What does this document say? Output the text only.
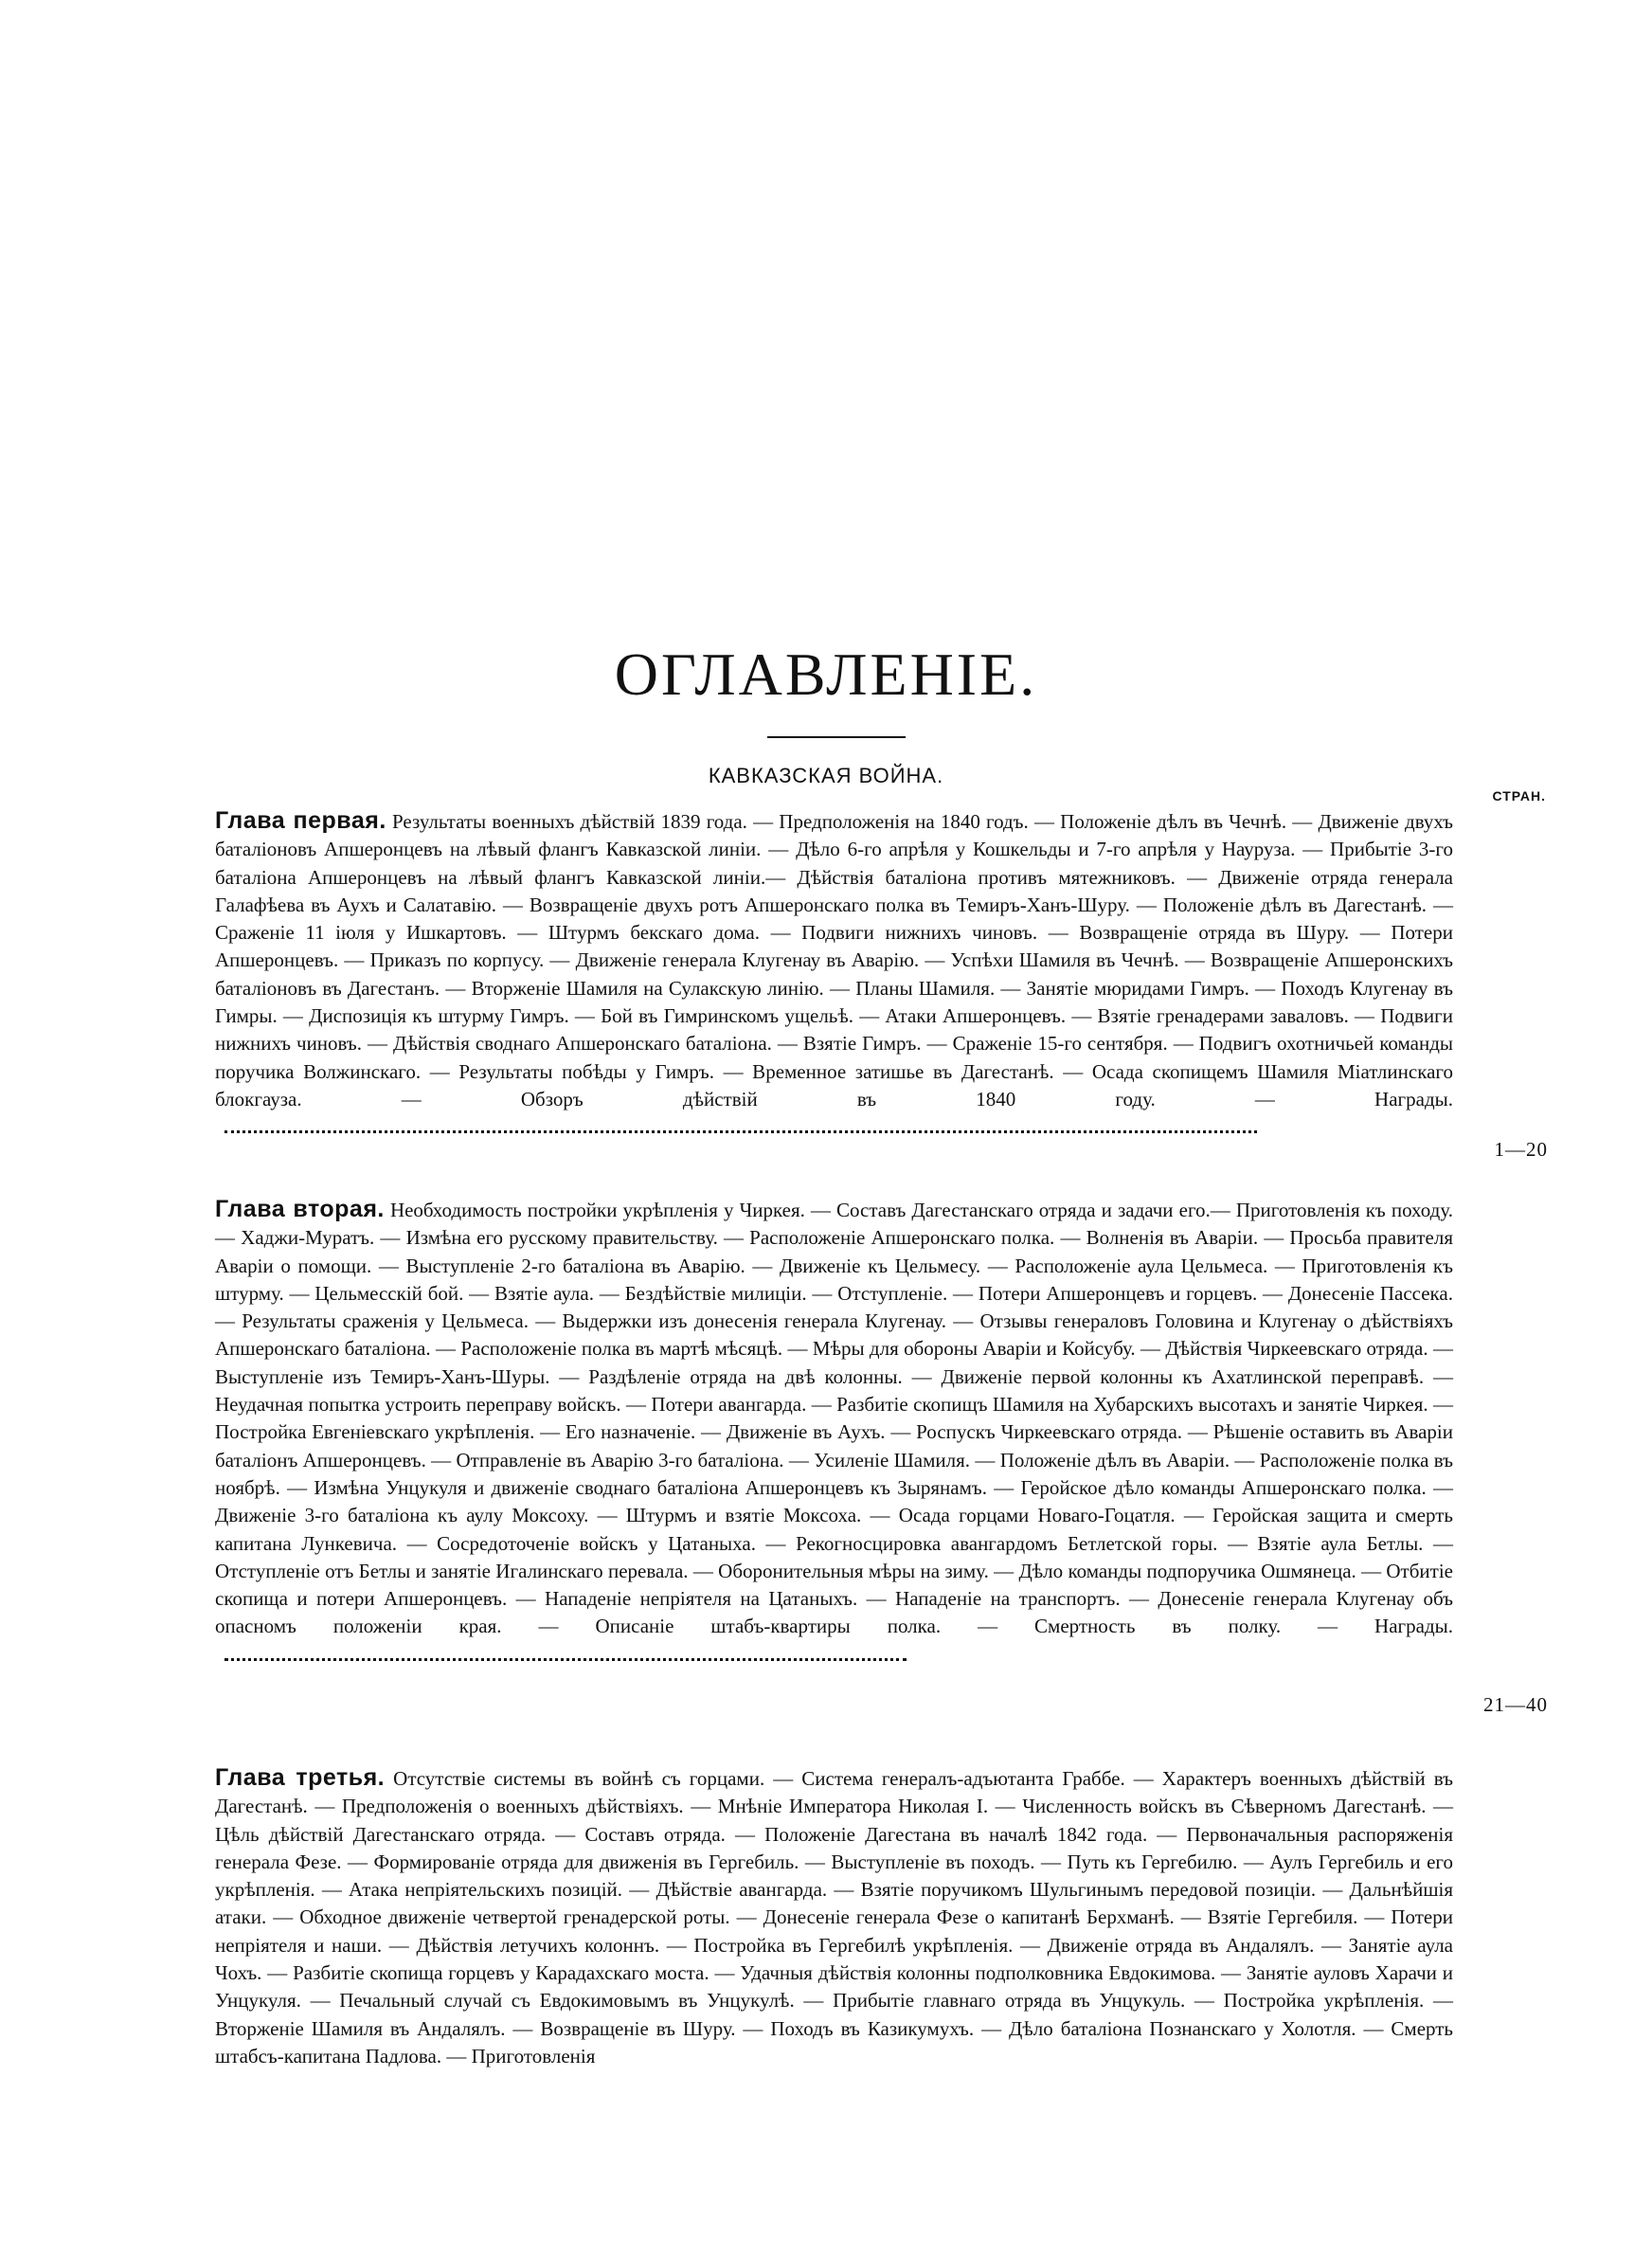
ОГЛАВЛЕНІЕ.
КАВКАЗСКАЯ ВОЙНА.
СТРАН.

Глава первая. Результаты военныхъ дѣйствій 1839 года. — Предположенія на 1840 годъ. — Положеніе дѣлъ въ Чечнѣ. — Движеніе двухъ баталіоновъ Апшеронцевъ на лѣвый флангъ Кавказской линіи. — Дѣло 6-го апрѣля у Кошкельды и 7-го апрѣля у Науруза. — Прибытіе 3-го баталіона Апшеронцевъ на лѣвый флангъ Кавказской линіи.— Дѣйствія баталіона противъ мятежниковъ. — Движеніе отряда генерала Галафѣева въ Аухъ и Салатавію. — Возвращеніе двухъ ротъ Апшеронскаго полка въ Темиръ-Ханъ-Шуру. — Положеніе дѣлъ въ Дагестанѣ. — Сраженіе 11 іюля у Ишкартовъ. — Штурмъ бекскаго дома. — Подвиги нижнихъ чиновъ. — Возвращеніе отряда въ Шуру. — Потери Апшеронцевъ. — Приказъ по корпусу. — Движеніе генерала Клугенау въ Аварію. — Успѣхи Шамиля въ Чечнѣ. — Возвращеніе Апшеронскихъ баталіоновъ въ Дагестанъ. — Вторженіе Шамиля на Сулакскую линію. — Планы Шамиля. — Занятіе мюридами Гимръ. — Походъ Клугенау въ Гимры. — Диспозиція къ штурму Гимръ. — Бой въ Гимринскомъ ущельѣ. — Атаки Апшеронцевъ. — Взятіе гренадерами заваловъ. — Подвиги нижнихъ чиновъ. — Дѣйствія своднаго Апшеронскаго баталіона. — Взятіе Гимръ. — Сраженіе 15-го сентября. — Подвигъ охотничьей команды поручика Волжинскаго. — Результаты побѣды у Гимръ. — Временное затишье въ Дагестанѣ. — Осада скопищемъ Шамиля Міатлинскаго блокгауза. — Обзоръ дѣйствій въ 1840 году. — Награды.

1—20

Глава вторая. Необходимость постройки укрѣпленія у Чиркея. — Составъ Дагестанскаго отряда и задачи его.— Приготовленія къ походу. — Хаджи-Муратъ. — Измѣна его русскому правительству. — Расположеніе Апшеронскаго полка. — Волненія въ Аваріи. — Просьба правителя Аваріи о помощи. — Выступленіе 2-го баталіона въ Аварію. — Движеніе къ Цельмесу. — Расположеніе аула Цельмеса. — Приготовленія къ штурму. — Цельмесскій бой. — Взятіе аула. — Бездѣйствіе милиціи. — Отступленіе. — Потери Апшеронцевъ и горцевъ. — Донесеніе Пассека. — Результаты сраженія у Цельмеса. — Выдержки изъ донесенія генерала Клугенау. — Отзывы генераловъ Головина и Клугенау о дѣйствіяхъ Апшеронскаго баталіона. — Расположеніе полка въ мартѣ мѣсяцѣ. — Мѣры для обороны Аваріи и Койсубу. — Дѣйствія Чиркеевскаго отряда. — Выступленіе изъ Темиръ-Ханъ-Шуры. — Раздѣленіе отряда на двѣ колонны. — Движеніе первой колонны къ Ахатлинской переправѣ. — Неудачная попытка устроить переправу войскъ. — Потери авангарда. — Разбитіе скопищъ Шамиля на Хубарскихъ высотахъ и занятіе Чиркея. — Постройка Евгеніевскаго укрѣпленія. — Его назначеніе. — Движеніе въ Аухъ. — Роспускъ Чиркеевскаго отряда. — Рѣшеніе оставить въ Аваріи баталіонъ Апшеронцевъ. — Отправленіе въ Аварію 3-го баталіона. — Усиленіе Шамиля. — Положеніе дѣлъ въ Аваріи. — Расположеніе полка въ ноябрѣ. — Измѣна Унцукуля и движеніе своднаго баталіона Апшеронцевъ къ Зырянамъ. — Геройское дѣло команды Апшеронскаго полка. — Движеніе 3-го баталіона къ аулу Моксоху. — Штурмъ и взятіе Моксоха. — Осада горцами Новаго-Гоцатля. — Геройская защита и смерть капитана Лункевича. — Сосредоточеніе войскъ у Цатаныха. — Рекогносцировка авангардомъ Бетлетской горы. — Взятіе аула Бетлы. — Отступленіе отъ Бетлы и занятіе Игалинскаго перевала. — Оборонительныя мѣры на зиму. — Дѣло команды подпоручика Ошмянеца. — Отбитіе скопища и потери Апшеронцевъ. — Нападеніе непріятеля на Цатаныхъ. — Нападеніе на транспортъ. — Донесеніе генерала Клугенау объ опасномъ положеніи края. — Описаніе штабъ-квартиры полка. — Смертность въ полку. — Награды.

21—40

Глава третья. Отсутствіе системы въ войнѣ съ горцами. — Система генералъ-адъютанта Граббе. — Характеръ военныхъ дѣйствій въ Дагестанѣ. — Предположенія о военныхъ дѣйствіяхъ. — Мнѣніе Императора Николая I. — Численность войскъ въ Сѣверномъ Дагестанѣ. — Цѣль дѣйствій Дагестанскаго отряда. — Составъ отряда. — Положеніе Дагестана въ началѣ 1842 года. — Первоначальныя распоряженія генерала Фезе. — Формированіе отряда для движенія въ Гергебиль. — Выступленіе въ походъ. — Путь къ Гергебилю. — Аулъ Гергебиль и его укрѣпленія. — Атака непріятельскихъ позицій. — Дѣйствіе авангарда. — Взятіе поручикомъ Шульгинымъ передовой позиціи. — Дальнѣйшія атаки. — Обходное движеніе четвертой гренадерской роты. — Донесеніе генерала Фезе о капитанѣ Берхманѣ. — Взятіе Гергебиля. — Потери непріятеля и наши. — Дѣйствія летучихъ колоннъ. — Постройка въ Гергебилѣ укрѣпленія. — Движеніе отряда въ Андалялъ. — Занятіе аула Чохъ. — Разбитіе скопища горцевъ у Карадахскаго моста. — Удачныя дѣйствія колонны подполковника Евдокимова. — Занятіе ауловъ Харачи и Унцукуля. — Печальный случай съ Евдокимовымъ въ Унцукулѣ. — Прибытіе главнаго отряда въ Унцукуль. — Постройка укрѣпленія. — Вторженіе Шамиля въ Андалялъ. — Возвращеніе въ Шуру. — Походъ въ Казикумухъ. — Дѣло баталіона Познанскаго у Холотля. — Смерть штабсъ-капитана Падлова. — Приготовленія
